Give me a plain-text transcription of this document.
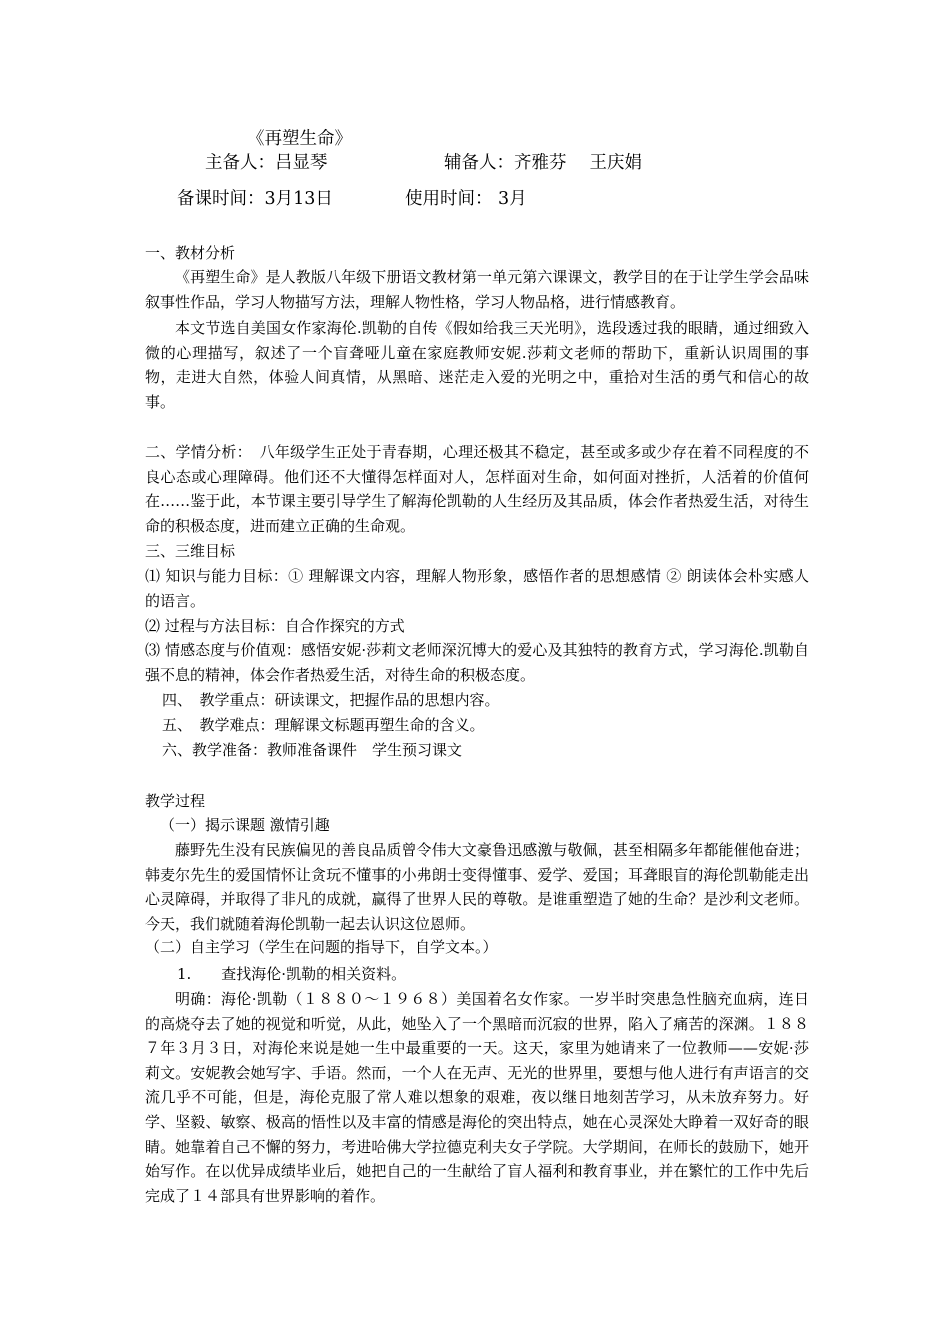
《再塑生命》
主备人：吕显琴	辅备人：齐雅芬　 王庆娟
备课时间：3月13日	使用时间： 3月
一、教材分析
《再塑生命》是人教版八年级下册语文教材第一单元第六课课文，教学目的在于让学生学会品味叙事性作品，学习人物描写方法，理解人物性格，学习人物品格，进行情感教育。
本文节选自美国女作家海伦.凯勒的自传《假如给我三天光明》，选段透过我的眼睛，通过细致入微的心理描写，叙述了一个盲聋哑儿童在家庭教师安妮.莎莉文老师的帮助下，重新认识周围的事物，走进大自然，体验人间真情，从黑暗、迷茫走入爱的光明之中，重拾对生活的勇气和信心的故事。
二、学情分析：　八年级学生正处于青春期，心理还极其不稳定，甚至或多或少存在着不同程度的不良心态或心理障碍。他们还不大懂得怎样面对人，怎样面对生命，如何面对挫折，人活着的价值何在……鉴于此，本节课主要引导学生了解海伦凯勒的人生经历及其品质，体会作者热爱生活，对待生命的积极态度，进而建立正确的生命观。
三、三维目标
⑴ 知识与能力目标：① 理解课文内容，理解人物形象，感悟作者的思想感情 ② 朗读体会朴实感人的语言。
⑵ 过程与方法目标：自合作探究的方式
⑶ 情感态度与价值观：感悟安妮·莎莉文老师深沉博大的爱心及其独特的教育方式，学习海伦.凯勒自 强不息的精神，体会作者热爱生活，对待生命的积极态度。
四、　教学重点：研读课文，把握作品的思想内容。
五、　教学难点：理解课文标题再塑生命的含义。
六、教学准备：教师准备课件　学生预习课文
教学过程
（一）揭示课题 激情引趣
藤野先生没有民族偏见的善良品质曾令伟大文豪鲁迅感激与敬佩，甚至相隔多年都能催他奋进；韩麦尔先生的爱国情怀让贪玩不懂事的小弗朗士变得懂事、爱学、爱国；耳聋眼盲的海伦凯勒能走出心灵障碍，并取得了非凡的成就，赢得了世界人民的尊敬。是谁重塑造了她的生命？是沙利文老师。今天，我们就随着海伦凯勒一起去认识这位恩师。
（二）自主学习（学生在问题的指导下，自学文本。）
1.　　查找海伦·凯勒的相关资料。
明确：海伦·凯勒（１８８０～１９６８）美国着名女作家。一岁半时突患急性脑充血病，连日的高烧夺去了她的视觉和听觉，从此，她坠入了一个黑暗而沉寂的世界，陷入了痛苦的深渊。１８８７年３月３日，对海伦来说是她一生中最重要的一天。这天，家里为她请来了一位教师——安妮·莎莉文。安妮教会她写字、手语。然而，一个人在无声、无光的世界里，要想与他人进行有声语言的交流几乎不可能，但是，海伦克服了常人难以想象的艰难，夜以继日地刻苦学习，从未放弃努力。好学、坚毅、敏察、极高的悟性以及丰富的情感是海伦的突出特点，她在心灵深处大睁着一双好奇的眼睛。她靠着自己不懈的努力，考进哈佛大学拉德克利夫女子学院。大学期间，在师长的鼓励下，她开始写作。在以优异成绩毕业后，她把自己的一生献给了盲人福利和教育事业，并在繁忙的工作中先后完成了１４部具有世界影响的着作。
